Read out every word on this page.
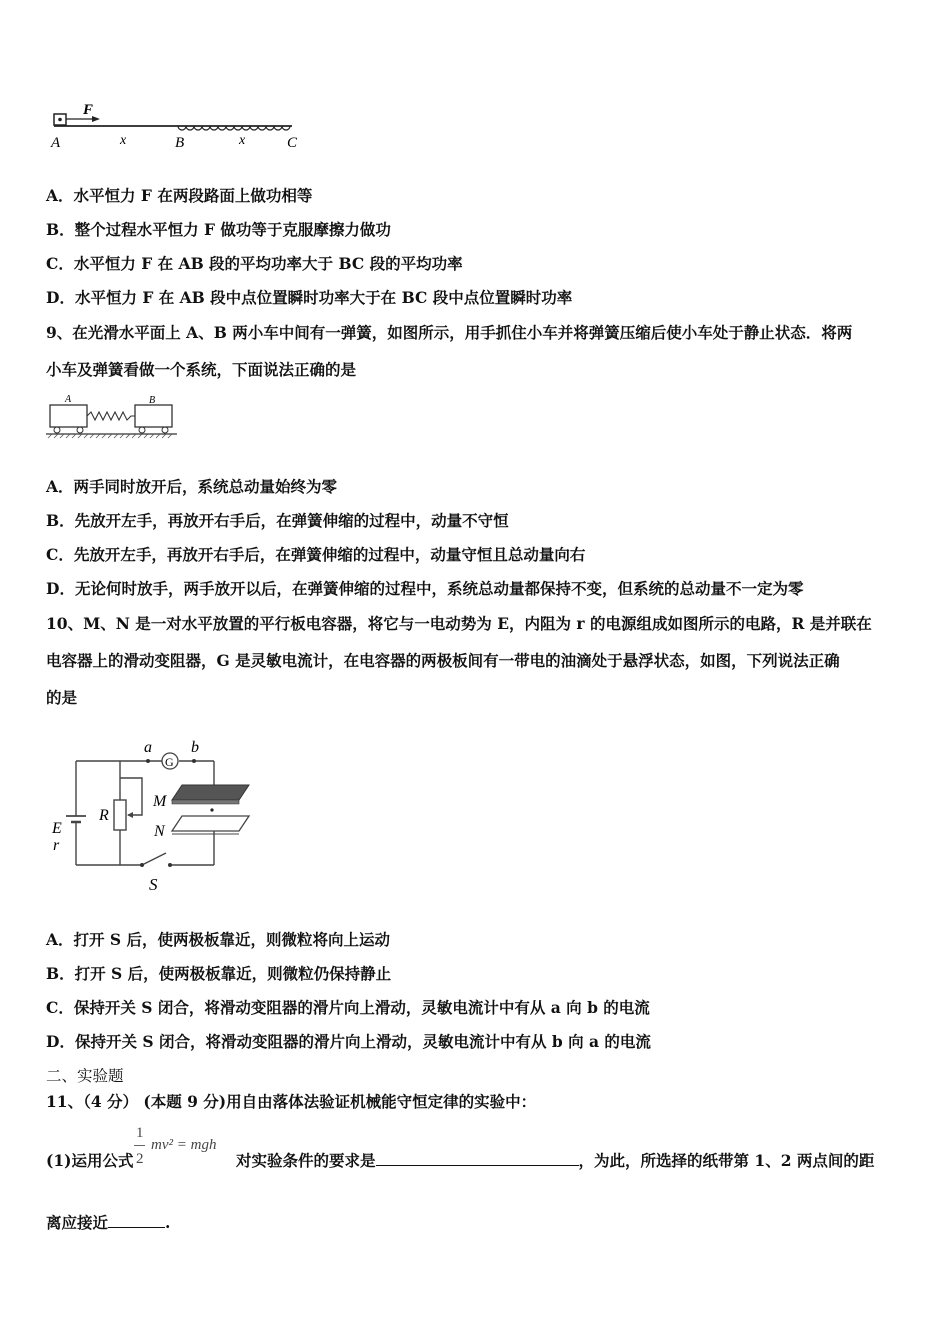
F
A	x	B	x	C
A．水平恒力 F 在两段路面上做功相等
B．整个过程水平恒力 F 做功等于克服摩擦力做功
C．水平恒力 F 在 AB 段的平均功率大于 BC 段的平均功率
D．水平恒力 F 在 AB 段中点位置瞬时功率大于在 BC 段中点位置瞬时功率
9、在光滑水平面上 A、B 两小车中间有一弹簧，如图所示，用手抓住小车并将弹簧压缩后使小车处于静止状态．将两
小车及弹簧看做一个系统，下面说法正确的是
A	B
A．两手同时放开后，系统总动量始终为零
B．先放开左手，再放开右手后，在弹簧伸缩的过程中，动量不守恒
C．先放开左手，再放开右手后，在弹簧伸缩的过程中，动量守恒且总动量向右
D．无论何时放手，两手放开以后，在弹簧伸缩的过程中，系统总动量都保持不变，但系统的总动量不一定为零
10、M、N 是一对水平放置的平行板电容器，将它与一电动势为 E，内阻为 r 的电源组成如图所示的电路，R 是并联在
电容器上的滑动变阻器，G 是灵敏电流计，在电容器的两极板间有一带电的油滴处于悬浮状态，如图，下列说法正确
的是
G
a b
M
N
R
E
r
S
A．打开 S 后，使两极板靠近，则微粒将向上运动
B．打开 S 后，使两极板靠近，则微粒仍保持静止
C．保持开关 S 闭合，将滑动变阻器的滑片向上滑动，灵敏电流计中有从 a 向 b 的电流
D．保持开关 S 闭合，将滑动变阻器的滑片向上滑动，灵敏电流计中有从 b 向 a 的电流
二、实验题
11、（4 分） (本题 9 分)用自由落体法验证机械能守恒定律的实验中：
(1)运用公式
1
2
mv² = mgh
对实验条件的要求是	，为此，所选择的纸带第 1、2 两点间的距
离应接近	.
